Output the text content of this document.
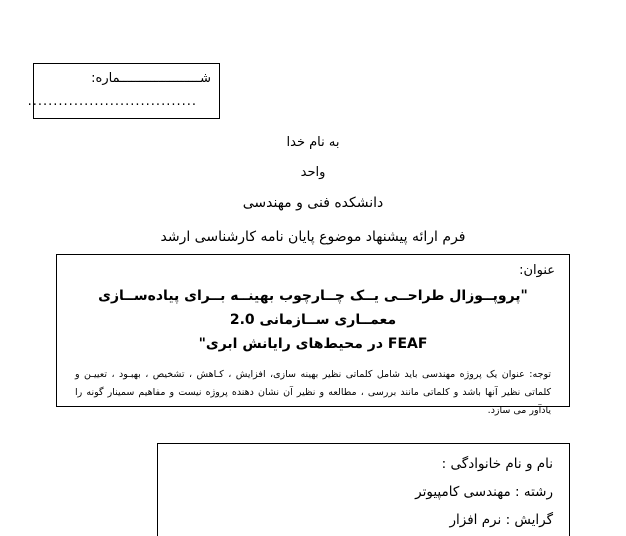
شـــــــــــــــــــــماره:
.................................
به نام خدا
واحد
دانشکده فنی و مهندسی
فرم ارائه پیشنهاد موضوع پایان نامه کارشناسی ارشد
عنوان:
"پروپــوزال طراحــی یــک چــارچوب بهینــه بــرای پیاده‌ســازی معمــاری ســازمانی 2.0
FEAF در محیط‌های رایانش ابری"
توجه: عنوان یک پروژه مهندسی باید شامل کلماتی نظیر بهینه سازی، افزایش ، کـاهش ، تشخیص ، بهبـود ، تعییـن و کلماتی نظیر آنها باشد و کلماتی مانند بررسی ، مطالعه و نظیر آن نشان دهنده پروژه نیست و مفاهیم سمینار گونه را یادآور می سازد.
نام و نام خانوادگی :
رشته : مهندسی کامپیوتر
گرایش : نرم افزار
